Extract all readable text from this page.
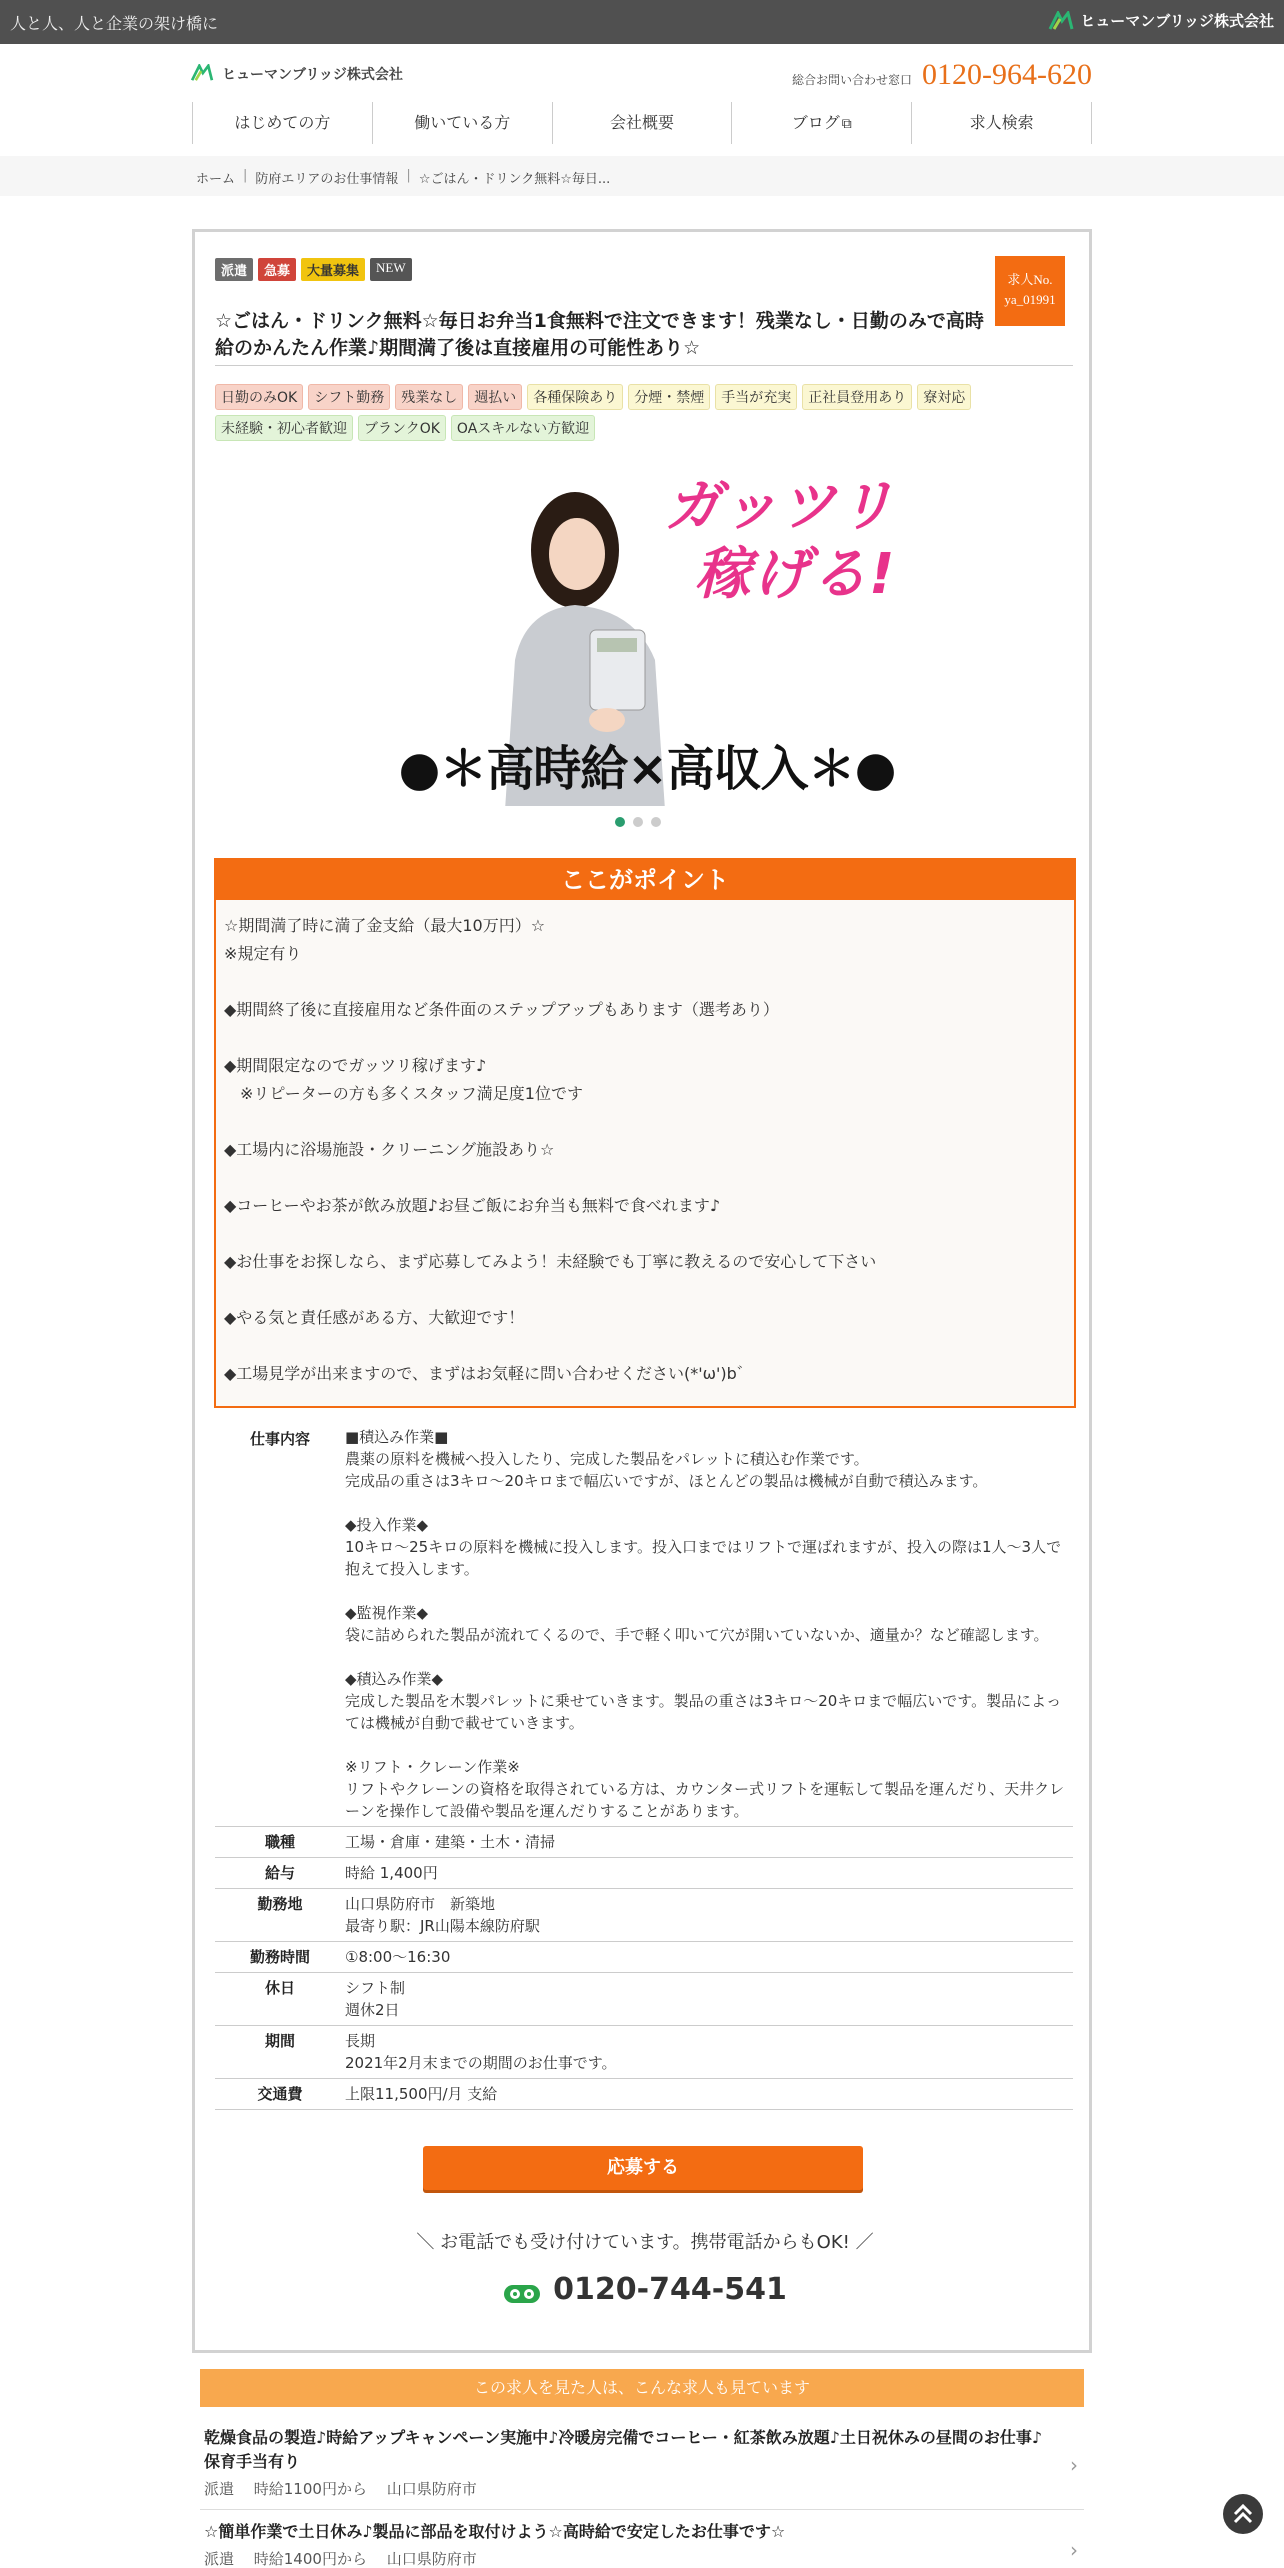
人と人、人と企業の架け橋に	ヒューマンブリッジ株式会社
ヒューマンブリッジ株式会社	総合お問い合わせ窓口 0120-964-620
はじめての方	働いている方	会社概要	ブログ ⧉	求人検索
ホーム | 防府エリアのお仕事情報 | ☆ごはん・ドリンク無料☆毎日...
派遣	急募	大量募集	NEW
求人No.
ya_01991
☆ごはん・ドリンク無料☆毎日お弁当1食無料で注文できます！残業なし・日勤のみで高時給のかんたん作業♪期間満了後は直接雇用の可能性あり☆
日勤のみOK	シフト勤務	残業なし	週払い	各種保険あり	分煙・禁煙	手当が充実	正社員登用あり	寮対応
未経験・初心者歓迎	ブランクOK	OAスキルない方歓迎
ガッツリ
稼げる!
●＊高時給×高収入＊●
ここがポイント
☆期間満了時に満了金支給（最大10万円）☆
※規定有り

◆期間終了後に直接雇用など条件面のステップアップもあります（選考あり）

◆期間限定なのでガッツリ稼げます♪
　※リピーターの方も多くスタッフ満足度1位です

◆工場内に浴場施設・クリーニング施設あり☆

◆コーヒーやお茶が飲み放題♪お昼ご飯にお弁当も無料で食べれます♪

◆お仕事をお探しなら、まず応募してみよう！未経験でも丁寧に教えるので安心して下さい

◆やる気と責任感がある方、大歓迎です！

◆工場見学が出来ますので、まずはお気軽に問い合わせください(*'ω')b゛
仕事内容	■積込み作業■
農薬の原料を機械へ投入したり、完成した製品をパレットに積込む作業です。
完成品の重さは3キロ～20キロまで幅広いですが、ほとんどの製品は機械が自動で積込みます。

◆投入作業◆
10キロ～25キロの原料を機械に投入します。投入口まではリフトで運ばれますが、投入の際は1人～3人で抱えて投入します。

◆監視作業◆
袋に詰められた製品が流れてくるので、手で軽く叩いて穴が開いていないか、適量か？など確認します。

◆積込み作業◆
完成した製品を木製パレットに乗せていきます。製品の重さは3キロ～20キロまで幅広いです。製品によっては機械が自動で載せていきます。

※リフト・クレーン作業※
リフトやクレーンの資格を取得されている方は、カウンター式リフトを運転して製品を運んだり、天井クレーンを操作して設備や製品を運んだりすることがあります。
職種	工場・倉庫・建築・土木・清掃
給与	時給 1,400円
勤務地	山口県防府市　新築地
最寄り駅：JR山陽本線防府駅
勤務時間	①8:00～16:30
休日	シフト制
週休2日
期間	長期
2021年2月末までの期間のお仕事です。
交通費	上限11,500円/月 支給
応募する
＼ お電話でも受け付けています。携帯電話からもOK! ／
0120-744-541
この求人を見た人は、こんな求人も見ています
乾燥食品の製造♪時給アップキャンペーン実施中♪冷暖房完備でコーヒー・紅茶飲み放題♪土日祝休みの昼間のお仕事♪保育手当有り
派遣　 時給1100円から　 山口県防府市
›
☆簡単作業で土日休み♪製品に部品を取付けよう☆高時給で安定したお仕事です☆
派遣　 時給1400円から　 山口県防府市	›
